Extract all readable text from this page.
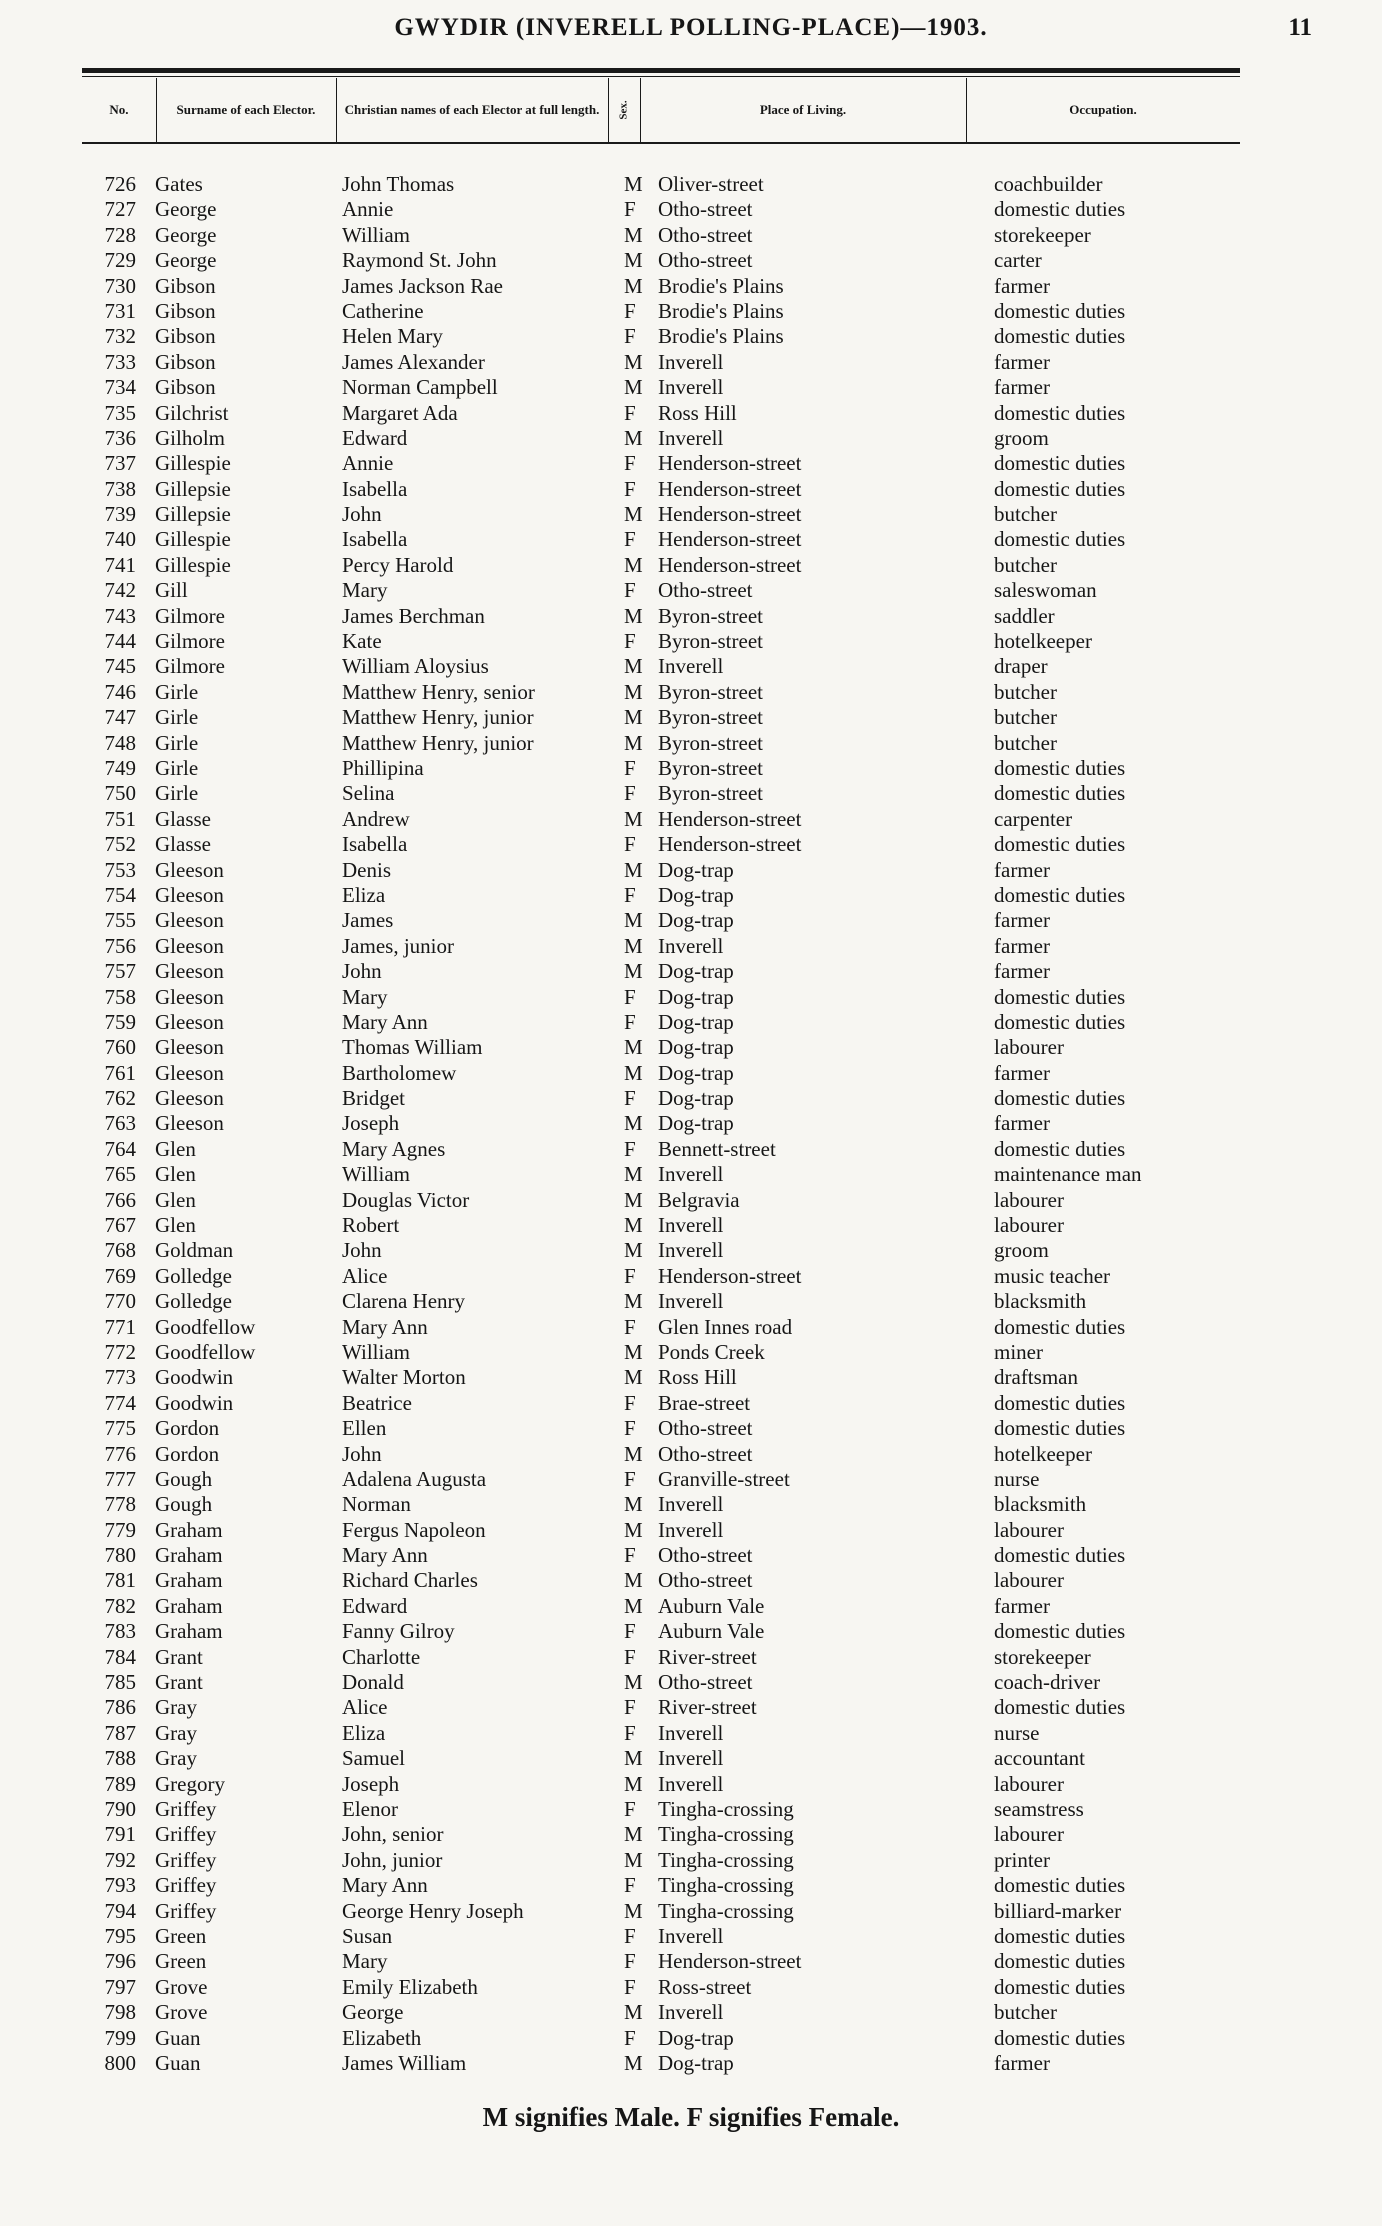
GWYDIR (INVERELL POLLING-PLACE)—1903.	11
No.	Surname of each Elector.	Christian names of each Elector at full length.	Sex.	Place of Living.	Occupation.
726 Gates	John Thomas	M Oliver-street	coachbuilder
727 George	Annie	F Otho-street	domestic duties
728 George	William	M Otho-street	storekeeper
729 George	Raymond St. John	M Otho-street	carter
730 Gibson	James Jackson Rae	M Brodie's Plains	farmer
731 Gibson	Catherine	F Brodie's Plains	domestic duties
732 Gibson	Helen Mary	F Brodie's Plains	domestic duties
733 Gibson	James Alexander	M Inverell	farmer
734 Gibson	Norman Campbell	M Inverell	farmer
735 Gilchrist	Margaret Ada	F Ross Hill	domestic duties
736 Gilholm	Edward	M Inverell	groom
737 Gillespie	Annie	F Henderson-street	domestic duties
738 Gillepsie	Isabella	F Henderson-street	domestic duties
739 Gillepsie	John	M Henderson-street	butcher
740 Gillespie	Isabella	F Henderson-street	domestic duties
741 Gillespie	Percy Harold	M Henderson-street	butcher
742 Gill	Mary	F Otho-street	saleswoman
743 Gilmore	James Berchman	M Byron-street	saddler
744 Gilmore	Kate	F Byron-street	hotelkeeper
745 Gilmore	William Aloysius	M Inverell	draper
746 Girle	Matthew Henry, senior	M Byron-street	butcher
747 Girle	Matthew Henry, junior	M Byron-street	butcher
748 Girle	Matthew Henry, junior	M Byron-street	butcher
749 Girle	Phillipina	F Byron-street	domestic duties
750 Girle	Selina	F Byron-street	domestic duties
751 Glasse	Andrew	M Henderson-street	carpenter
752 Glasse	Isabella	F Henderson-street	domestic duties
753 Gleeson	Denis	M Dog-trap	farmer
754 Gleeson	Eliza	F Dog-trap	domestic duties
755 Gleeson	James	M Dog-trap	farmer
756 Gleeson	James, junior	M Inverell	farmer
757 Gleeson	John	M Dog-trap	farmer
758 Gleeson	Mary	F Dog-trap	domestic duties
759 Gleeson	Mary Ann	F Dog-trap	domestic duties
760 Gleeson	Thomas William	M Dog-trap	labourer
761 Gleeson	Bartholomew	M Dog-trap	farmer
762 Gleeson	Bridget	F Dog-trap	domestic duties
763 Gleeson	Joseph	M Dog-trap	farmer
764 Glen	Mary Agnes	F Bennett-street	domestic duties
765 Glen	William	M Inverell	maintenance man
766 Glen	Douglas Victor	M Belgravia	labourer
767 Glen	Robert	M Inverell	labourer
768 Goldman	John	M Inverell	groom
769 Golledge	Alice	F Henderson-street	music teacher
770 Golledge	Clarena Henry	M Inverell	blacksmith
771 Goodfellow	Mary Ann	F Glen Innes road	domestic duties
772 Goodfellow	William	M Ponds Creek	miner
773 Goodwin	Walter Morton	M Ross Hill	draftsman
774 Goodwin	Beatrice	F Brae-street	domestic duties
775 Gordon	Ellen	F Otho-street	domestic duties
776 Gordon	John	M Otho-street	hotelkeeper
777 Gough	Adalena Augusta	F Granville-street	nurse
778 Gough	Norman	M Inverell	blacksmith
779 Graham	Fergus Napoleon	M Inverell	labourer
780 Graham	Mary Ann	F Otho-street	domestic duties
781 Graham	Richard Charles	M Otho-street	labourer
782 Graham	Edward	M Auburn Vale	farmer
783 Graham	Fanny Gilroy	F Auburn Vale	domestic duties
784 Grant	Charlotte	F River-street	storekeeper
785 Grant	Donald	M Otho-street	coach-driver
786 Gray	Alice	F River-street	domestic duties
787 Gray	Eliza	F Inverell	nurse
788 Gray	Samuel	M Inverell	accountant
789 Gregory	Joseph	M Inverell	labourer
790 Griffey	Elenor	F Tingha-crossing	seamstress
791 Griffey	John, senior	M Tingha-crossing	labourer
792 Griffey	John, junior	M Tingha-crossing	printer
793 Griffey	Mary Ann	F Tingha-crossing	domestic duties
794 Griffey	George Henry Joseph	M Tingha-crossing	billiard-marker
795 Green	Susan	F Inverell	domestic duties
796 Green	Mary	F Henderson-street	domestic duties
797 Grove	Emily Elizabeth	F Ross-street	domestic duties
798 Grove	George	M Inverell	butcher
799 Guan	Elizabeth	F Dog-trap	domestic duties
800 Guan	James William	M Dog-trap	farmer
M signifies Male. F signifies Female.
